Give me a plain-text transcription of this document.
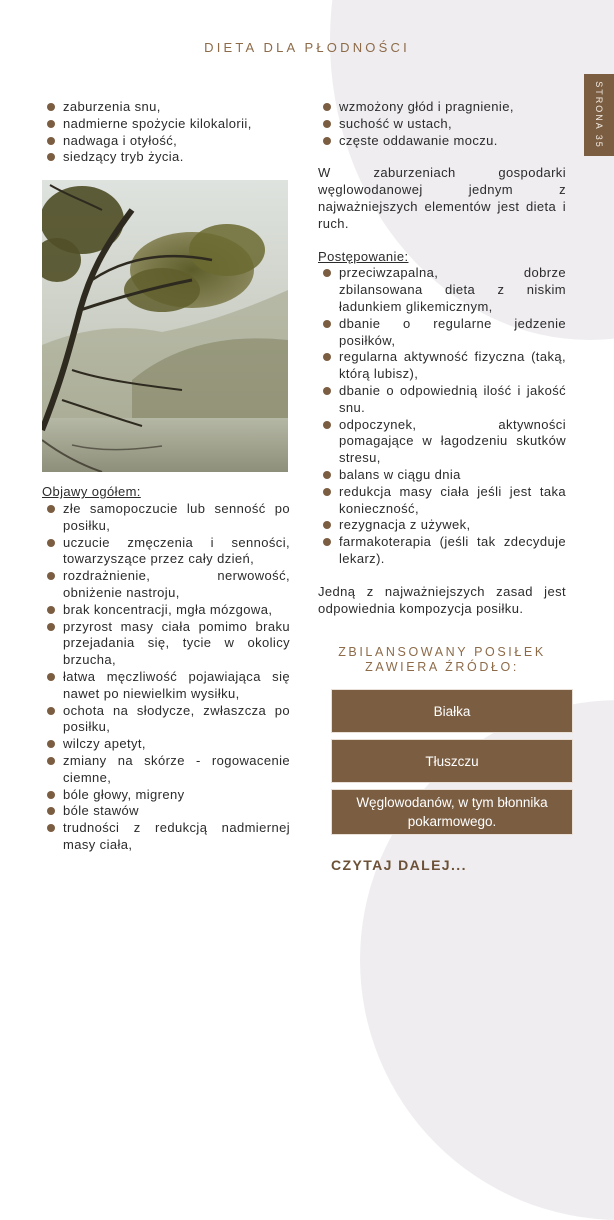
DIETA DLA PŁODNOŚCI
STRONA 35
zaburzenia snu,
nadmierne spożycie kilokalorii,
nadwaga i otyłość,
siedzący tryb życia.
Objawy ogółem:
złe samopoczucie lub senność po posiłku,
uczucie zmęczenia i senności, towarzyszące przez cały dzień,
rozdrażnienie, nerwowość, obniżenie nastroju,
brak koncentracji, mgła mózgowa,
przyrost masy ciała pomimo braku przejadania się, tycie w okolicy brzucha,
łatwa męczliwość pojawiająca się nawet po niewielkim wysiłku,
ochota na słodycze, zwłaszcza po posiłku,
wilczy apetyt,
zmiany na skórze - rogowacenie ciemne,
bóle głowy, migreny
bóle stawów
trudności z redukcją nadmiernej masy ciała,
wzmożony głód i pragnienie,
suchość w ustach,
częste oddawanie moczu.
W zaburzeniach gospodarki węglowodanowej jednym z najważniejszych elementów jest dieta i ruch.
Postępowanie:
przeciwzapalna, dobrze zbilansowana dieta z niskim ładunkiem glikemicznym,
dbanie o regularne jedzenie posiłków,
regularna aktywność fizyczna (taką, którą lubisz),
dbanie o odpowiednią ilość i jakość snu.
odpoczynek, aktywności pomagające w łagodzeniu skutków stresu,
balans w ciągu dnia
redukcja masy ciała jeśli jest taka konieczność,
rezygnacja z używek,
farmakoterapia (jeśli tak zdecyduje lekarz).
Jedną z najważniejszych zasad jest odpowiednia kompozycja posiłku.
ZBILANSOWANY POSIŁEK
ZAWIERA ŹRÓDŁO:
Białka
Tłuszczu
Węglowodanów, w tym błonnika pokarmowego.
CZYTAJ DALEJ...
